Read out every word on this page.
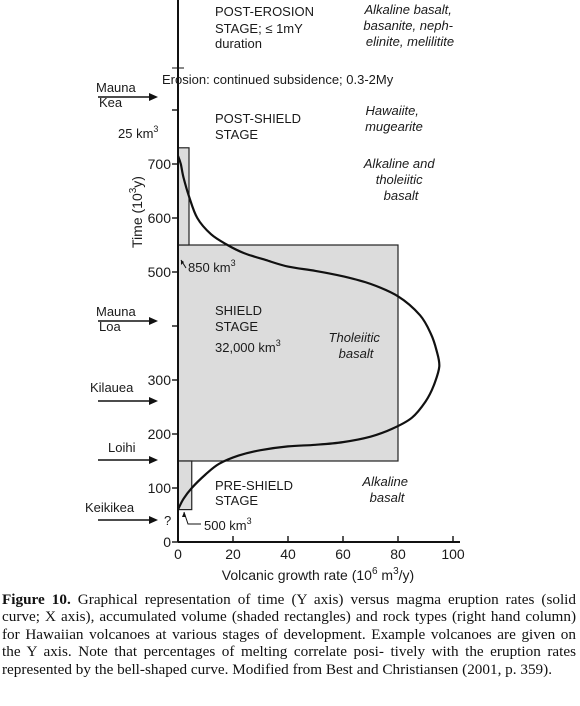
0	20	40	60	80	100
0
100
200
300
500
600
700
Volcanic growth rate ($10^6$ $m^3/y$)
Time $(10^3y)$
POST-EROSION STAGE; ≤ 1mY duration
Erosion: continued subsidence; 0.3-2My
POST-SHIELD STAGE
SHIELD STAGE 32,000 $km^3$
PRE-SHIELD STAGE
25 $km^3$
850 $km^3$
500 $km^3$
Alkaline basalt, basanite, neph- elinite, melilitite
Hawaiite, mugearite
Alkaline and tholeiitic basalt
Tholeiitic basalt
Alkaline basalt
Mauna Kea
Mauna Loa
Kilauea
Loihi
Keikikea
?
Figure 10. Graphical representation of time (Y axis) versus magma eruption rates (solid curve; X axis), accumulated volume (shaded rectangles) and rock types (right hand column) for Hawaiian volcanoes at various stages of development. Example volcanoes are given on the Y axis. Note that percentages of melting correlate posi- tively with the eruption rates represented by the bell-shaped curve. Modified from Best and Christiansen (2001, p. 359).
